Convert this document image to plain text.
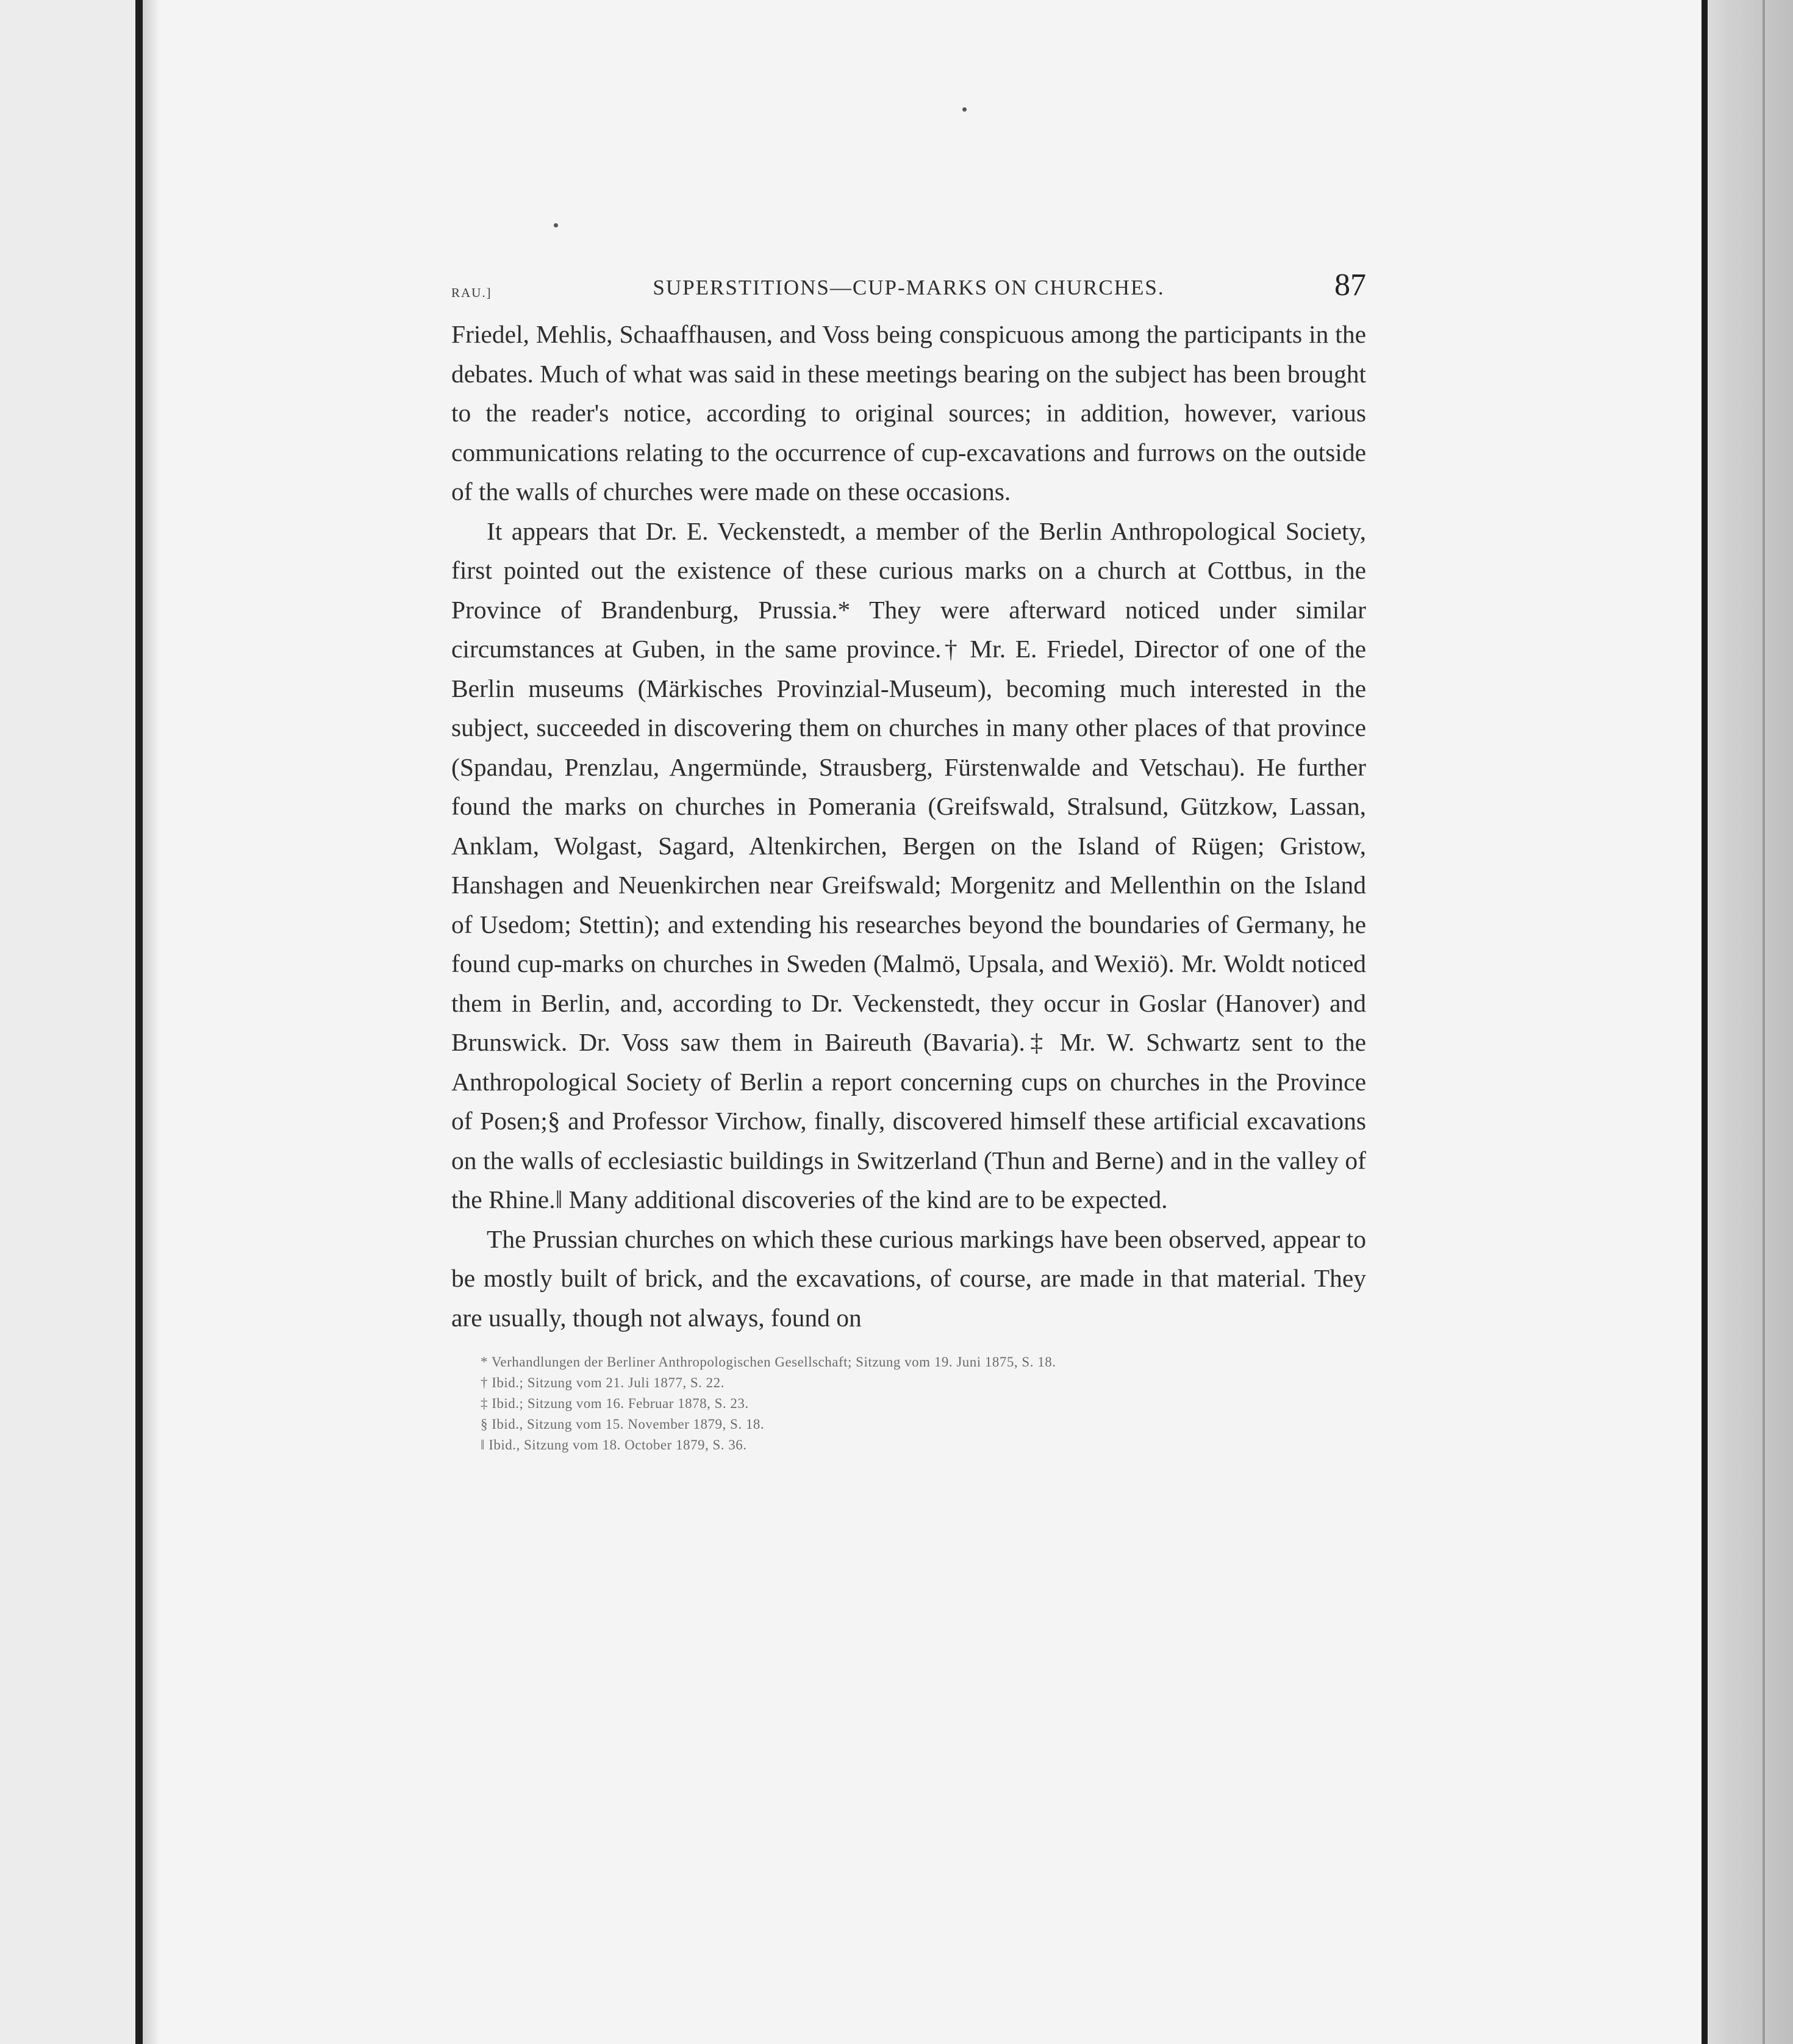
RAU.]	SUPERSTITIONS—CUP-MARKS ON CHURCHES.	87

Friedel, Mehlis, Schaaffhausen, and Voss being conspicuous among the participants in the debates. Much of what was said in these meetings bearing on the subject has been brought to the reader's notice, according to original sources; in addition, however, various communications relating to the occurrence of cup-excavations and furrows on the outside of the walls of churches were made on these occasions.

It appears that Dr. E. Veckenstedt, a member of the Berlin Anthropological Society, first pointed out the existence of these curious marks on a church at Cottbus, in the Province of Brandenburg, Prussia.* They were afterward noticed under similar circumstances at Guben, in the same province.† Mr. E. Friedel, Director of one of the Berlin museums (Märkisches Provinzial-Museum), becoming much interested in the subject, succeeded in discovering them on churches in many other places of that province (Spandau, Prenzlau, Angermünde, Strausberg, Fürstenwalde and Vetschau). He further found the marks on churches in Pomerania (Greifswald, Stralsund, Gützkow, Lassan, Anklam, Wolgast, Sagard, Altenkirchen, Bergen on the Island of Rügen; Gristow, Hanshagen and Neuenkirchen near Greifswald; Morgenitz and Mellenthin on the Island of Usedom; Stettin); and extending his researches beyond the boundaries of Germany, he found cup-marks on churches in Sweden (Malmö, Upsala, and Wexiö). Mr. Woldt noticed them in Berlin, and, according to Dr. Veckenstedt, they occur in Goslar (Hanover) and Brunswick. Dr. Voss saw them in Baireuth (Bavaria).‡ Mr. W. Schwartz sent to the Anthropological Society of Berlin a report concerning cups on churches in the Province of Posen;§ and Professor Virchow, finally, discovered himself these artificial excavations on the walls of ecclesiastic buildings in Switzerland (Thun and Berne) and in the valley of the Rhine.‖ Many additional discoveries of the kind are to be expected.

The Prussian churches on which these curious markings have been observed, appear to be mostly built of brick, and the excavations, of course, are made in that material. They are usually, though not always, found on

* Verhandlungen der Berliner Anthropologischen Gesellschaft; Sitzung vom 19. Juni 1875, S. 18.
† Ibid.; Sitzung vom 21. Juli 1877, S. 22.
‡ Ibid.; Sitzung vom 16. Februar 1878, S. 23.
§ Ibid., Sitzung vom 15. November 1879, S. 18.
‖ Ibid., Sitzung vom 18. October 1879, S. 36.
